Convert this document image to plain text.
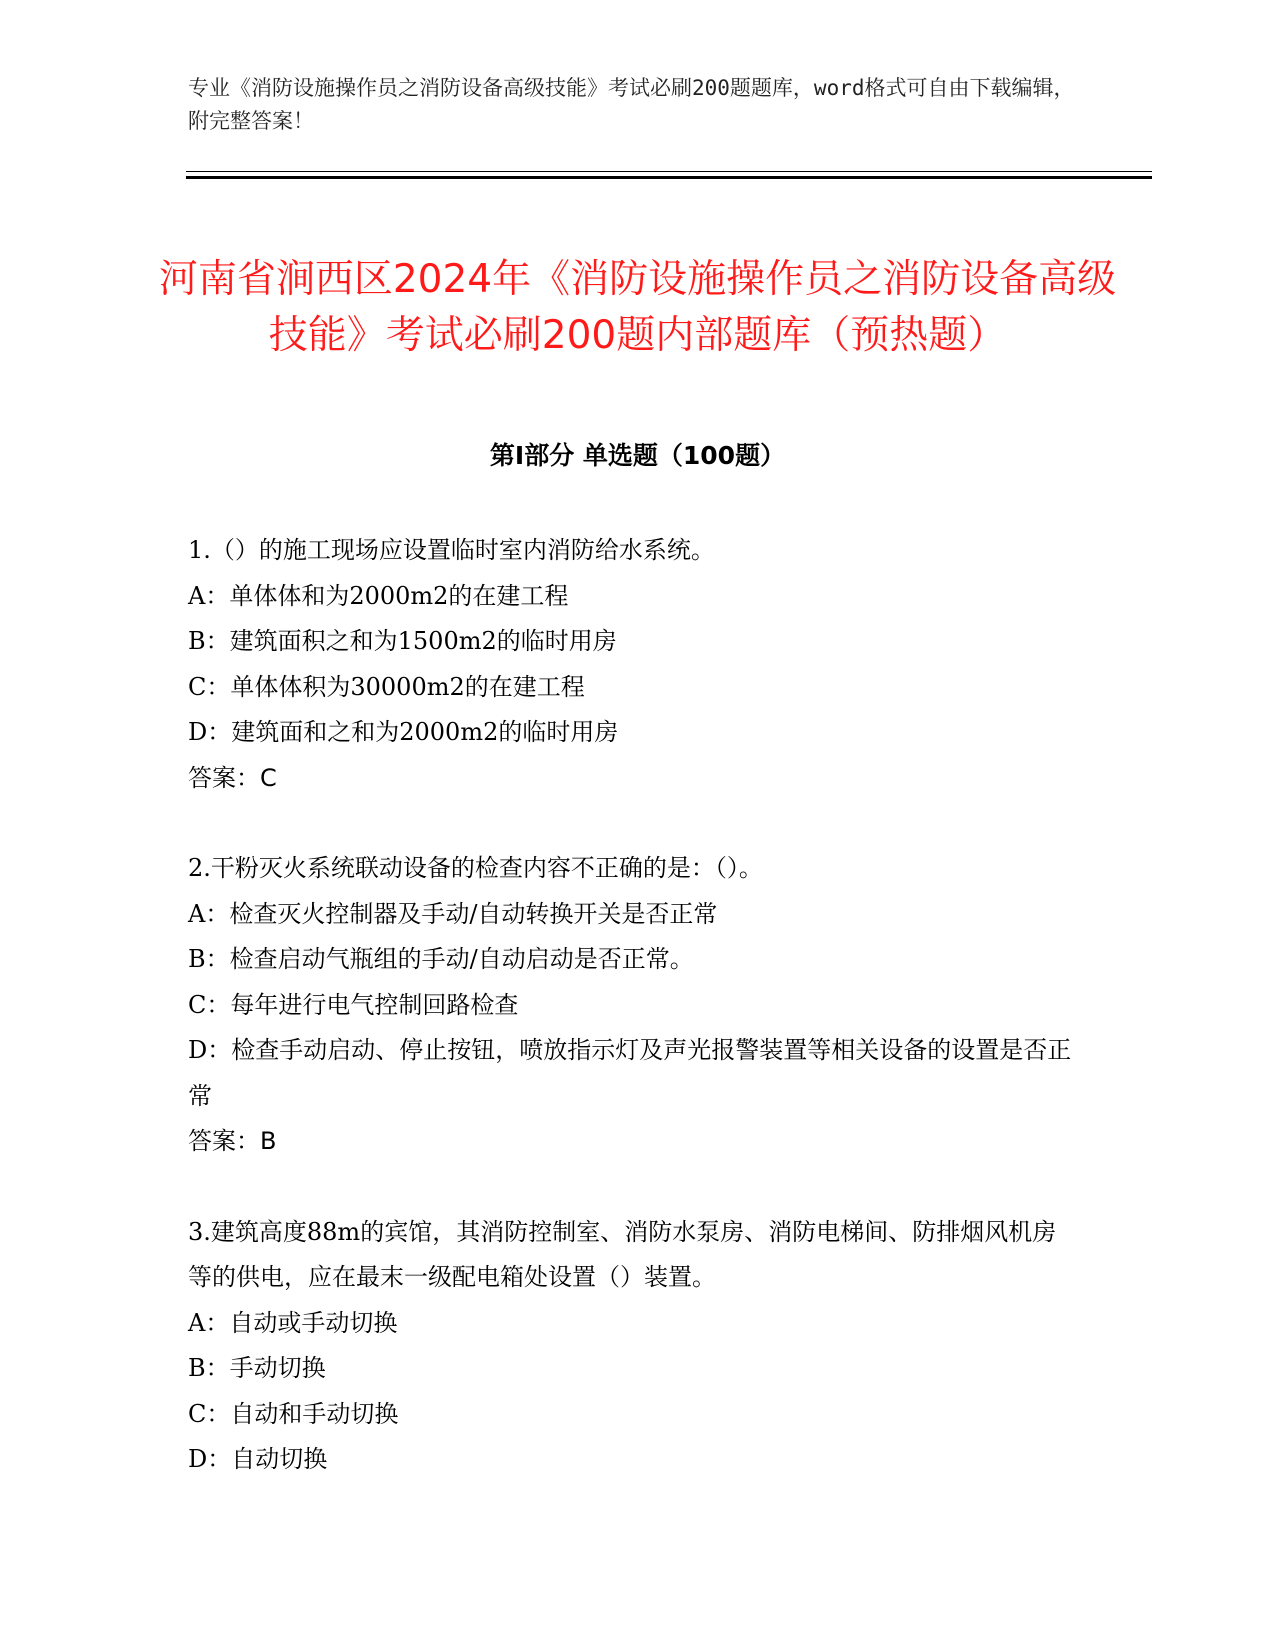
专业《消防设施操作员之消防设备高级技能》考试必刷200题题库，word格式可自由下载编辑，附完整答案！
河南省涧西区2024年《消防设施操作员之消防设备高级技能》考试必刷200题内部题库（预热题）
第Ⅰ部分 单选题（100题）

1.（）的施工现场应设置临时室内消防给水系统。

A：单体体和为2000m2的在建工程

B：建筑面积之和为1500m2的临时用房

C：单体体积为30000m2的在建工程

D：建筑面和之和为2000m2的临时用房

答案：C

2.干粉灭火系统联动设备的检查内容不正确的是：（）。

A：检查灭火控制器及手动/自动转换开关是否正常

B：检查启动气瓶组的手动/自动启动是否正常。

C：每年进行电气控制回路检查

D：检查手动启动、停止按钮，喷放指示灯及声光报警装置等相关设备的设置是否正常

答案：B

3.建筑高度88m的宾馆，其消防控制室、消防水泵房、消防电梯间、防排烟风机房等的供电，应在最末一级配电箱处设置（）装置。

A：自动或手动切换

B：手动切换

C：自动和手动切换

D：自动切换
